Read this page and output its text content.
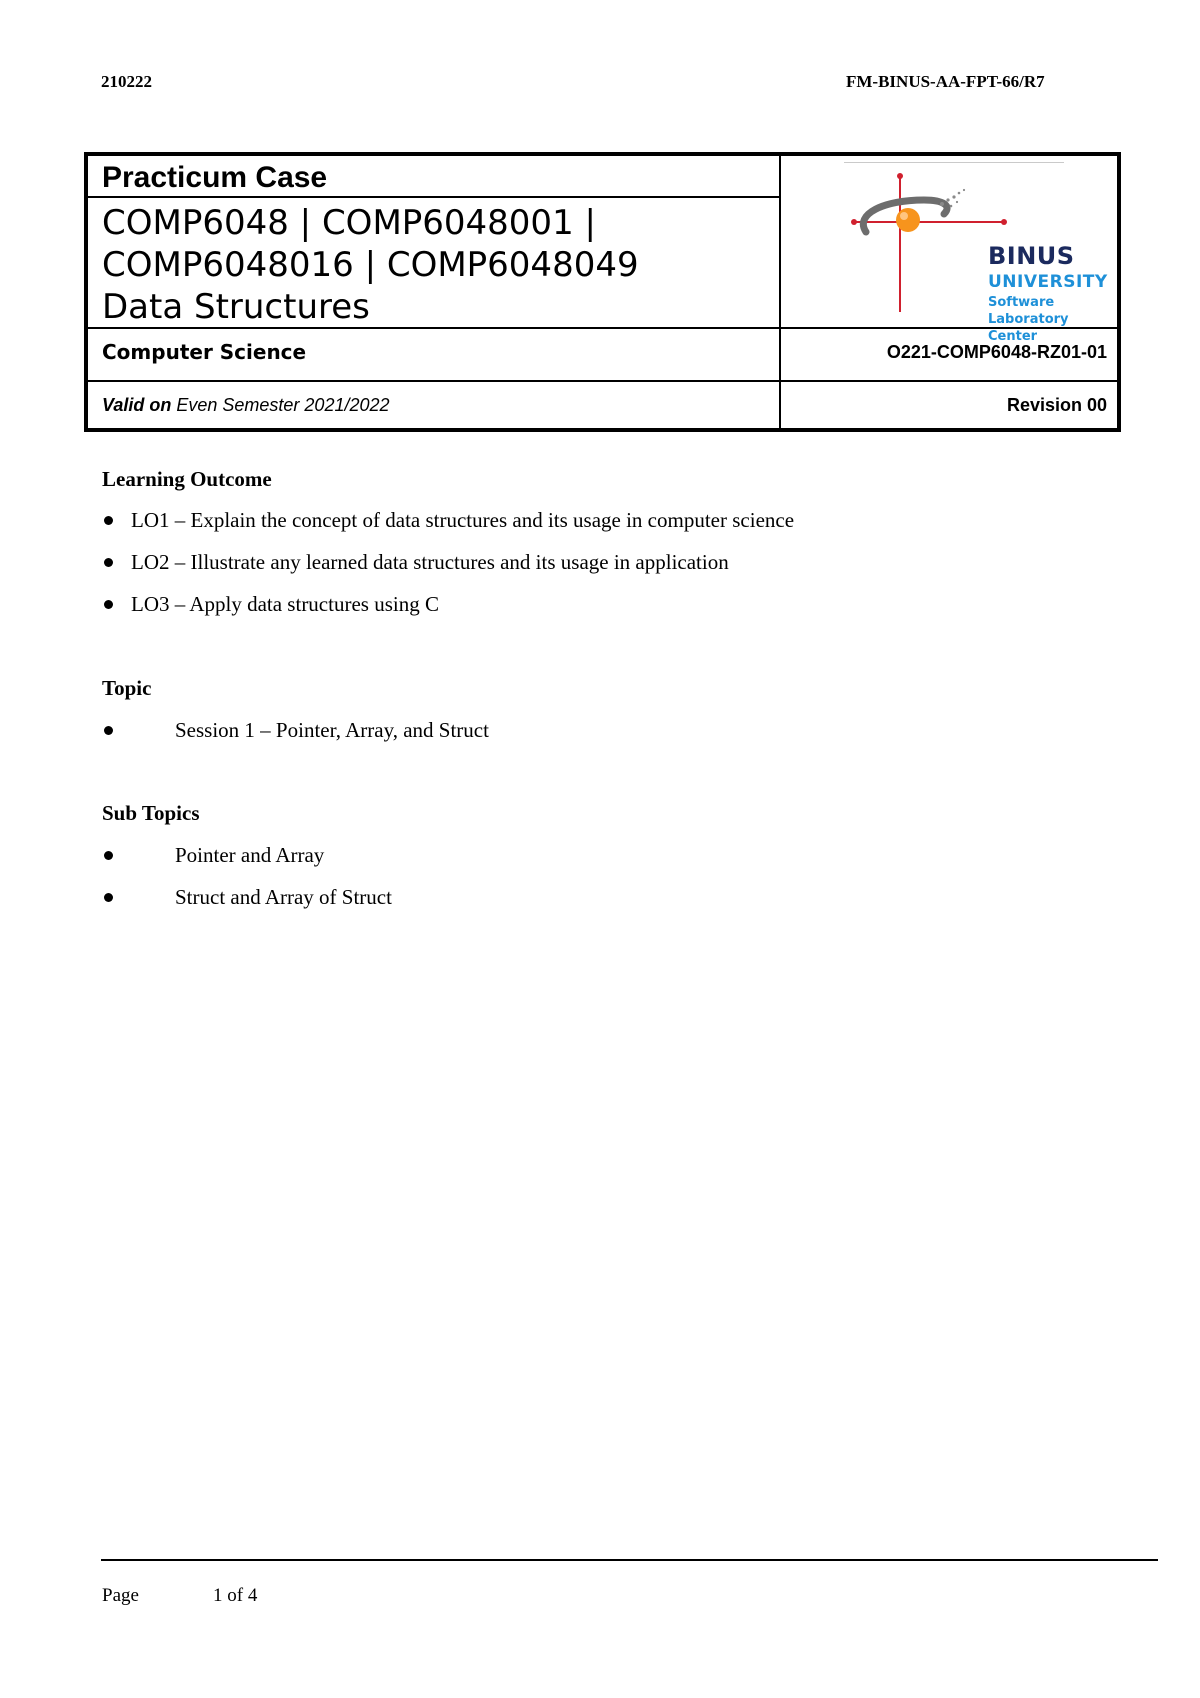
210222	FM-BINUS-AA-FPT-66/R7
Practicum Case
COMP6048 | COMP6048001 |
COMP6048016 | COMP6048049
Data Structures
BINUS
UNIVERSITY
Software Laboratory
Center
Computer Science	O221-COMP6048-RZ01-01
Valid on Even Semester 2021/2022	Revision 00
Learning Outcome
LO1 – Explain the concept of data structures and its usage in computer science
LO2 – Illustrate any learned data structures and its usage in application
LO3 – Apply data structures using C
Topic
Session 1 – Pointer, Array, and Struct
Sub Topics
Pointer and Array
Struct and Array of Struct
Page	1 of 4
